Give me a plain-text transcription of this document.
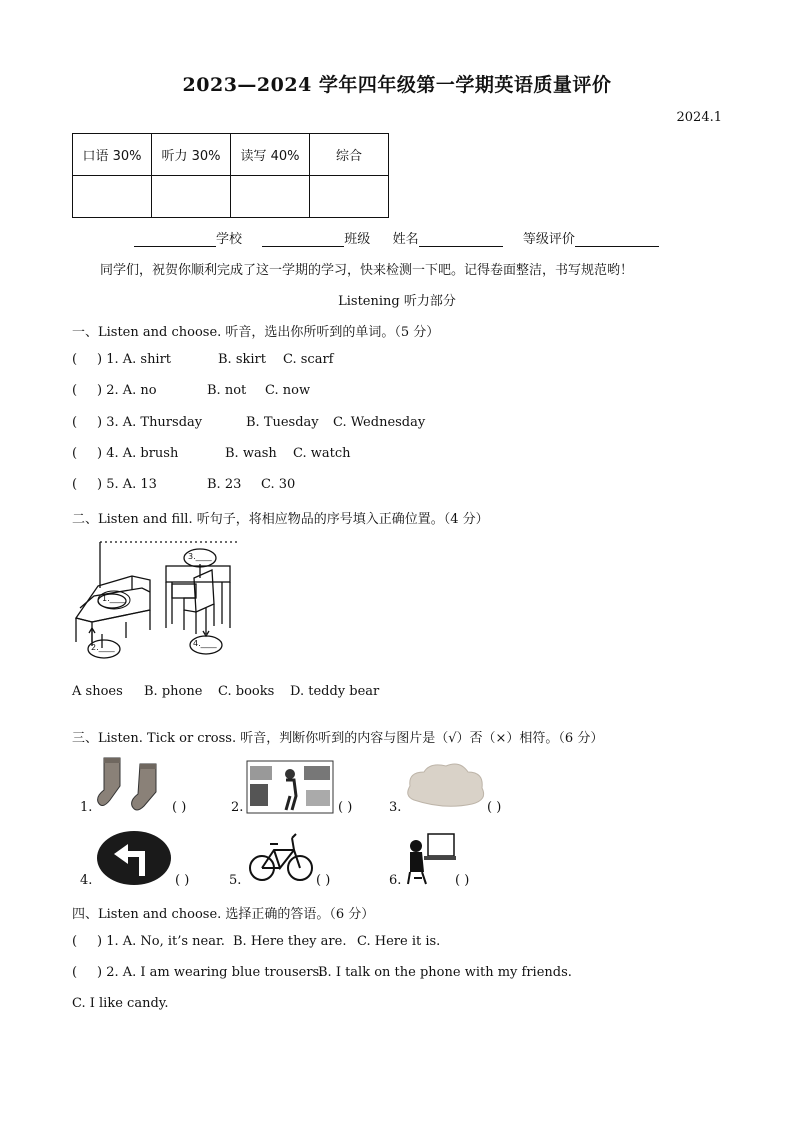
2023—2024 学年四年级第一学期英语质量评价
2024.1
口语 30%	听力 30%	读写 40%	综合

学校	班级 姓名	等级评价
同学们，祝贺你顺利完成了这一学期的学习，快来检测一下吧。记得卷面整洁，书写规范哟！
Listening 听力部分
一、Listen and choose. 听音，选出你所听到的单词。（5 分）
( ) 1. A. shirt	B. skirt C. scarf
( ) 2. A. no	B. not C. now
( ) 3. A. Thursday	B. Tuesday C. Wednesday
( ) 4. A. brush	B. wash C. watch
( ) 5. A. 13	B. 23 C. 30
二、Listen and fill. 听句子，将相应物品的序号填入正确位置。（4 分）
3.____
1.____
2.____	4.____
A shoes B. phone C. books D. teddy bear
三、Listen. Tick or cross. 听音，判断你听到的内容与图片是（√）否（×）相符。（6 分）
1.	( )	2.	( )	3.	( )
4.	( )	5.	( )	6.	( )
四、Listen and choose. 选择正确的答语。（6 分）
( ) 1. A. No, it’s near. B. Here they are. C. Here it is.
( ) 2. A. I am wearing blue trousers.
B. I talk on the phone with my friends.
C. I like candy.
